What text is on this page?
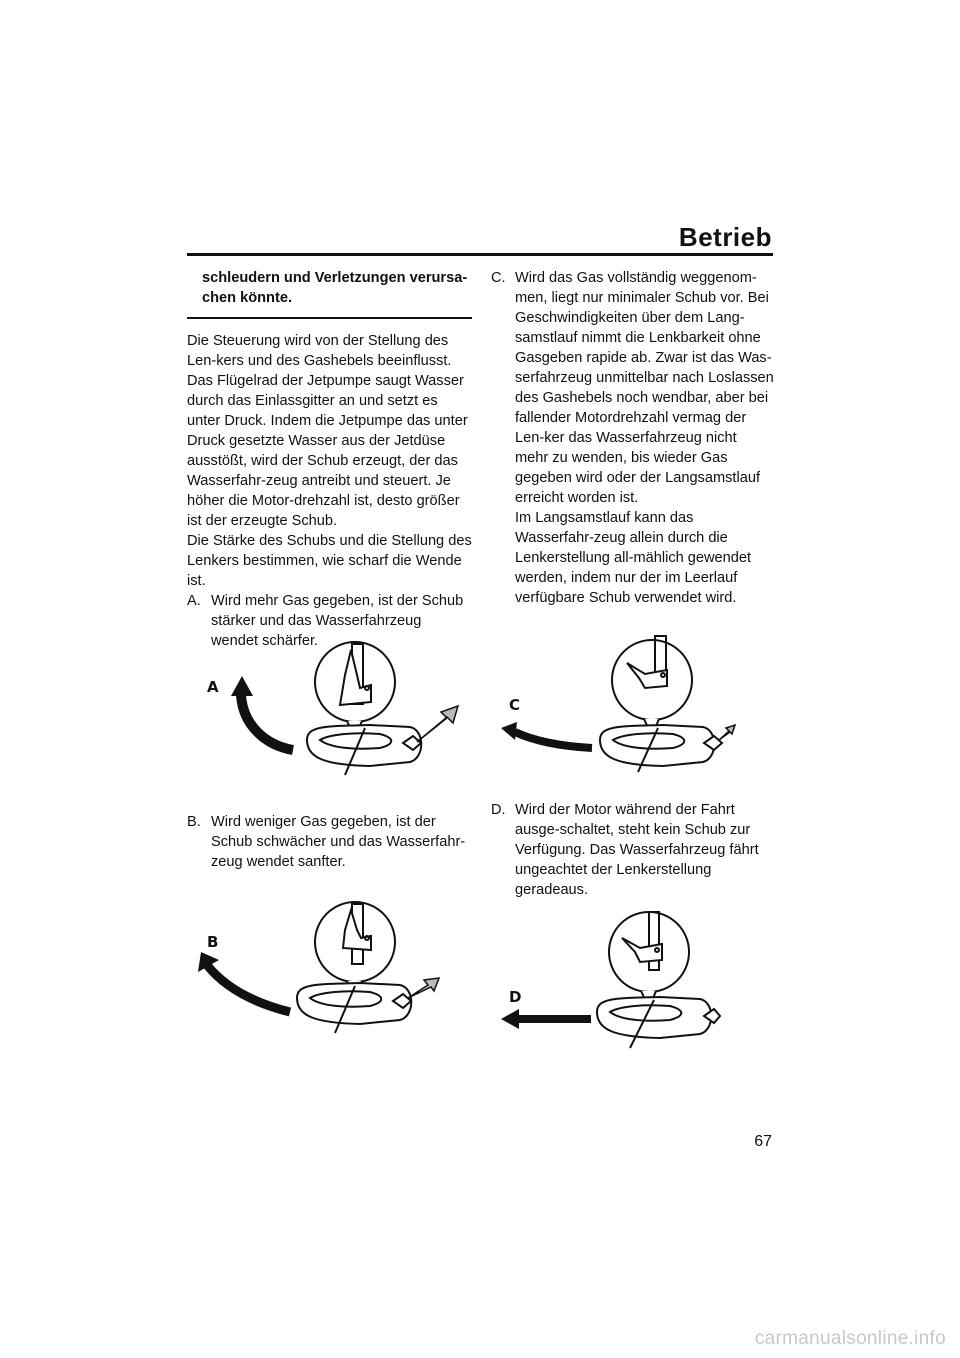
Betrieb

schleudern und Verletzungen verursa-chen könnte.

Die Steuerung wird von der Stellung des Len-kers und des Gashebels beeinflusst.

Das Flügelrad der Jetpumpe saugt Wasser durch das Einlassgitter an und setzt es unter Druck. Indem die Jetpumpe das unter Druck gesetzte Wasser aus der Jetdüse ausstößt, wird der Schub erzeugt, der das Wasserfahr-zeug antreibt und steuert. Je höher die Motor-drehzahl ist, desto größer ist der erzeugte Schub.

Die Stärke des Schubs und die Stellung des Lenkers bestimmen, wie scharf die Wende ist.

A. Wird mehr Gas gegeben, ist der Schub stärker und das Wasserfahrzeug wendet schärfer.
B. Wird weniger Gas gegeben, ist der Schub schwächer und das Wasserfahr-zeug wendet sanfter.
C. Wird das Gas vollständig weggenom-men, liegt nur minimaler Schub vor. Bei Geschwindigkeiten über dem Lang-samstlauf nimmt die Lenkbarkeit ohne Gasgeben rapide ab. Zwar ist das Was-serfahrzeug unmittelbar nach Loslassen des Gashebels noch wendbar, aber bei fallender Motordrehzahl vermag der Len-ker das Wasserfahrzeug nicht mehr zu wenden, bis wieder Gas gegeben wird oder der Langsamstlauf erreicht worden ist.
Im Langsamstlauf kann das Wasserfahr-zeug allein durch die Lenkerstellung all-mählich gewendet werden, indem nur der im Leerlauf verfügbare Schub verwendet wird.
D. Wird der Motor während der Fahrt ausge-schaltet, steht kein Schub zur Verfügung. Das Wasserfahrzeug fährt ungeachtet der Lenkerstellung geradeaus.
A
B
C
D
67
carmanualsonline.info
